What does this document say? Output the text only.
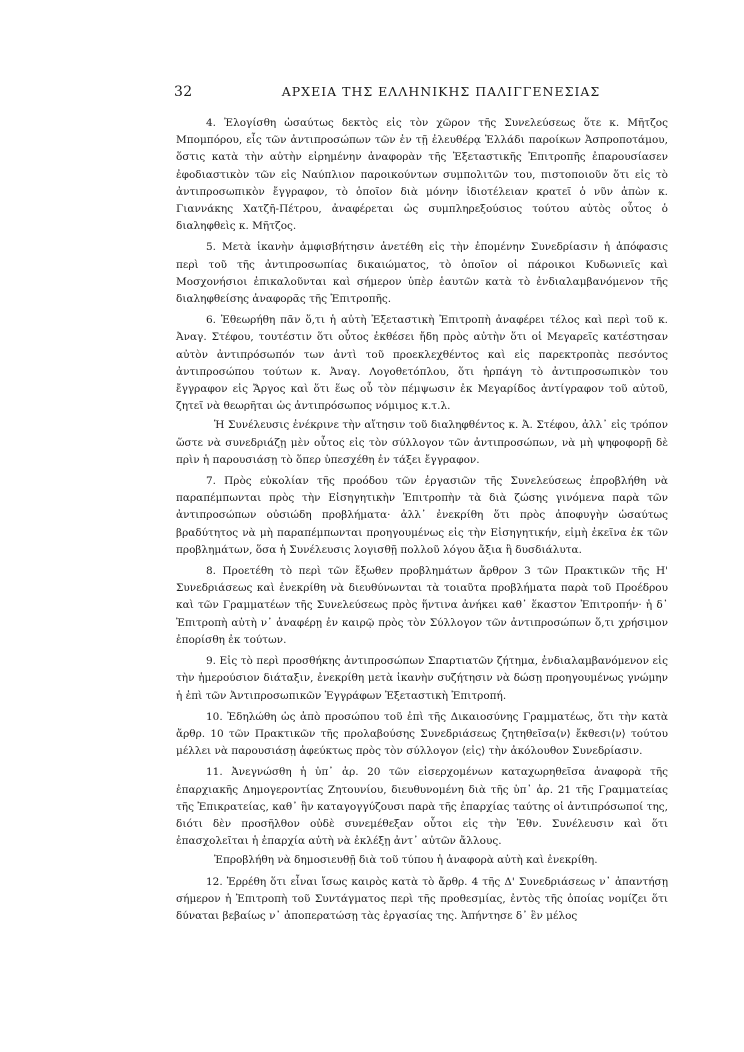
32	ΑΡΧΕΙΑ ΤΗΣ ΕΛΛΗΝΙΚΗΣ ΠΑΛΙΓΓΕΝΕΣΙΑΣ

4. Ἐλογίσθη ὡσαύτως δεκτὸς εἰς τὸν χῶρον τῆς Συνελεύσεως ὅτε κ. Μῆτζος Μπομπόρου, εἷς τῶν ἀντιπροσώπων τῶν ἐν τῇ ἐλευθέρᾳ Ἑλλάδι παροίκων Ἀσπροποτάμου, ὅστις κατὰ τὴν αὐτὴν εἰρημένην ἀναφορὰν τῆς Ἐξεταστικῆς Ἐπιτροπῆς ἐπαρουσίασεν ἐφοδιαστικὸν τῶν εἰς Ναύπλιον παροικούντων συμπολιτῶν του, πιστοποιοῦν ὅτι εἰς τὸ ἀντιπροσωπικὸν ἔγγραφον, τὸ ὁποῖον διὰ μόνην ἰδιοτέλειαν κρατεῖ ὁ νῦν ἀπὼν κ. Γιαννάκης Χατζῆ-Πέτρου, ἀναφέρεται ὡς συμπληρεξούσιος τούτου αὐτὸς οὗτος ὁ διαληφθεὶς κ. Μῆτζος.

5. Μετὰ ἱκανὴν ἀμφισβήτησιν ἀνετέθη εἰς τὴν ἐπομένην Συνεδρίασιν ἡ ἀπόφασις περὶ τοῦ τῆς ἀντιπροσωπίας δικαιώματος, τὸ ὁποῖον οἱ πάροικοι Κυδωνιεῖς καὶ Μοσχονήσιοι ἐπικαλοῦνται καὶ σήμερον ὑπὲρ ἑαυτῶν κατὰ τὸ ἐνδιαλαμβανόμενον τῆς διαληφθείσης ἀναφορᾶς τῆς Ἐπιτροπῆς.

6. Ἐθεωρήθη πᾶν ὅ,τι ἡ αὐτὴ Ἐξεταστικὴ Ἐπιτροπὴ ἀναφέρει τέλος καὶ περὶ τοῦ κ. Ἀναγ. Στέφου, τουτέστιν ὅτι οὗτος ἐκθέσει ἤδη πρὸς αὐτὴν ὅτι οἱ Μεγαρεῖς κατέστησαν αὐτὸν ἀντιπρόσωπόν των ἀντὶ τοῦ προεκλεχθέντος καὶ εἰς παρεκτροπὰς πεσόντος ἀντιπροσώπου τούτων κ. Ἀναγ. Λογοθετόπλου, ὅτι ἡρπάγη τὸ ἀντιπροσωπικὸν του ἔγγραφον εἰς Ἄργος καὶ ὅτι ἕως οὗ τὸν πέμψωσιν ἐκ Μεγαρίδος ἀντίγραφον τοῦ αὐτοῦ, ζητεῖ νὰ θεωρῆται ὡς ἀντιπρόσωπος νόμιμος κ.τ.λ.

Ἡ Συνέλευσις ἐνέκρινε τὴν αἴτησιν τοῦ διαληφθέντος κ. Ἀ. Στέφου, ἀλλ᾽ εἰς τρόπον ὥστε νὰ συνεδριάζῃ μὲν οὗτος εἰς τὸν σύλλογον τῶν ἀντιπροσώπων, νὰ μὴ ψηφοφορῇ δὲ πρὶν ἡ παρουσιάσῃ τὸ ὅπερ ὑπεσχέθη ἐν τάξει ἔγγραφον.

7. Πρὸς εὐκολίαν τῆς προόδου τῶν ἐργασιῶν τῆς Συνελεύσεως ἐπροβλήθη νὰ παραπέμπωνται πρὸς τὴν Εἰσηγητικὴν Ἐπιτροπὴν τὰ διὰ ζώσης γινόμενα παρὰ τῶν ἀντιπροσώπων οὐσιώδη προβλήματα· ἀλλ᾽ ἐνεκρίθη ὅτι πρὸς ἀποφυγὴν ὡσαύτως βραδύτητος νὰ μὴ παραπέμπωνται προηγουμένως εἰς τὴν Εἰσηγητικήν, εἰμὴ ἐκεῖνα ἐκ τῶν προβλημάτων, ὅσα ἡ Συνέλευσις λογισθῇ πολλοῦ λόγου ἄξια ἢ δυσδιάλυτα.

8. Προετέθη τὸ περὶ τῶν ἔξωθεν προβλημάτων ἄρθρον 3 τῶν Πρακτικῶν τῆς Η' Συνεδριάσεως καὶ ἐνεκρίθη νὰ διευθύνωνται τὰ τοιαῦτα προβλήματα παρὰ τοῦ Προέδρου καὶ τῶν Γραμματέων τῆς Συνελεύσεως πρὸς ἥντινα ἀνήκει καθ᾽ ἕκαστον Ἐπιτροπήν· ἡ δ᾽ Ἐπιτροπὴ αὐτὴ ν᾽ ἀναφέρῃ ἐν καιρῷ πρὸς τὸν Σύλλογον τῶν ἀντιπροσώπων ὅ,τι χρήσιμον ἐπορίσθη ἐκ τούτων.

9. Εἰς τὸ περὶ προσθήκης ἀντιπροσώπων Σπαρτιατῶν ζήτημα, ἐνδιαλαμβανόμενον εἰς τὴν ἡμερούσιον διάταξιν, ἐνεκρίθη μετὰ ἱκανὴν συζήτησιν νὰ δώσῃ προηγουμένως γνώμην ἡ ἐπὶ τῶν Ἀντιπροσωπικῶν Ἐγγράφων Ἐξεταστικὴ Ἐπιτροπή.

10. Ἐδηλώθη ὡς ἀπὸ προσώπου τοῦ ἐπὶ τῆς Δικαιοσύνης Γραμματέως, ὅτι τὴν κατὰ ἄρθρ. 10 τῶν Πρακτικῶν τῆς προλαβούσης Συνεδριάσεως ζητηθεῖσα⟨ν⟩ ἔκθεσι⟨ν⟩ τούτου μέλλει νὰ παρουσιάσῃ ἀφεύκτως πρὸς τὸν σύλλογον ⟨εἰς⟩ τὴν ἀκόλουθον Συνεδρίασιν.

11. Ἀνεγνώσθη ἡ ὑπ᾽ ἀρ. 20 τῶν εἰσερχομένων καταχωρηθεῖσα ἀναφορὰ τῆς ἐπαρχιακῆς Δημογεροντίας Ζητουνίου, διευθυνομένη διὰ τῆς ὑπ᾽ ἀρ. 21 τῆς Γραμματείας τῆς Ἐπικρατείας, καθ᾽ ἣν καταγογγύζουσι παρὰ τῆς ἐπαρχίας ταύτης οἱ ἀντιπρόσωποί της, διότι δὲν προσῆλθον οὐδὲ συνεμέθεξαν οὗτοι εἰς τὴν Ἐθν. Συνέλευσιν καὶ ὅτι ἐπασχολεῖται ἡ ἐπαρχία αὐτὴ νὰ ἐκλέξῃ ἀντ᾽ αὐτῶν ἄλλους.

Ἐπροβλήθη νὰ δημοσιευθῇ διὰ τοῦ τύπου ἡ ἀναφορὰ αὐτὴ καὶ ἐνεκρίθη.

12. Ἐρρέθη ὅτι εἶναι ἴσως καιρὸς κατὰ τὸ ἄρθρ. 4 τῆς Δ' Συνεδριάσεως ν᾽ ἀπαντήσῃ σήμερον ἡ Ἐπιτροπὴ τοῦ Συντάγματος περὶ τῆς προθεσμίας, ἐντὸς τῆς ὁποίας νομίζει ὅτι δύναται βεβαίως ν᾽ ἀποπερατώσῃ τὰς ἐργασίας της. Ἀπήντησε δ᾽ ἓν μέλος
